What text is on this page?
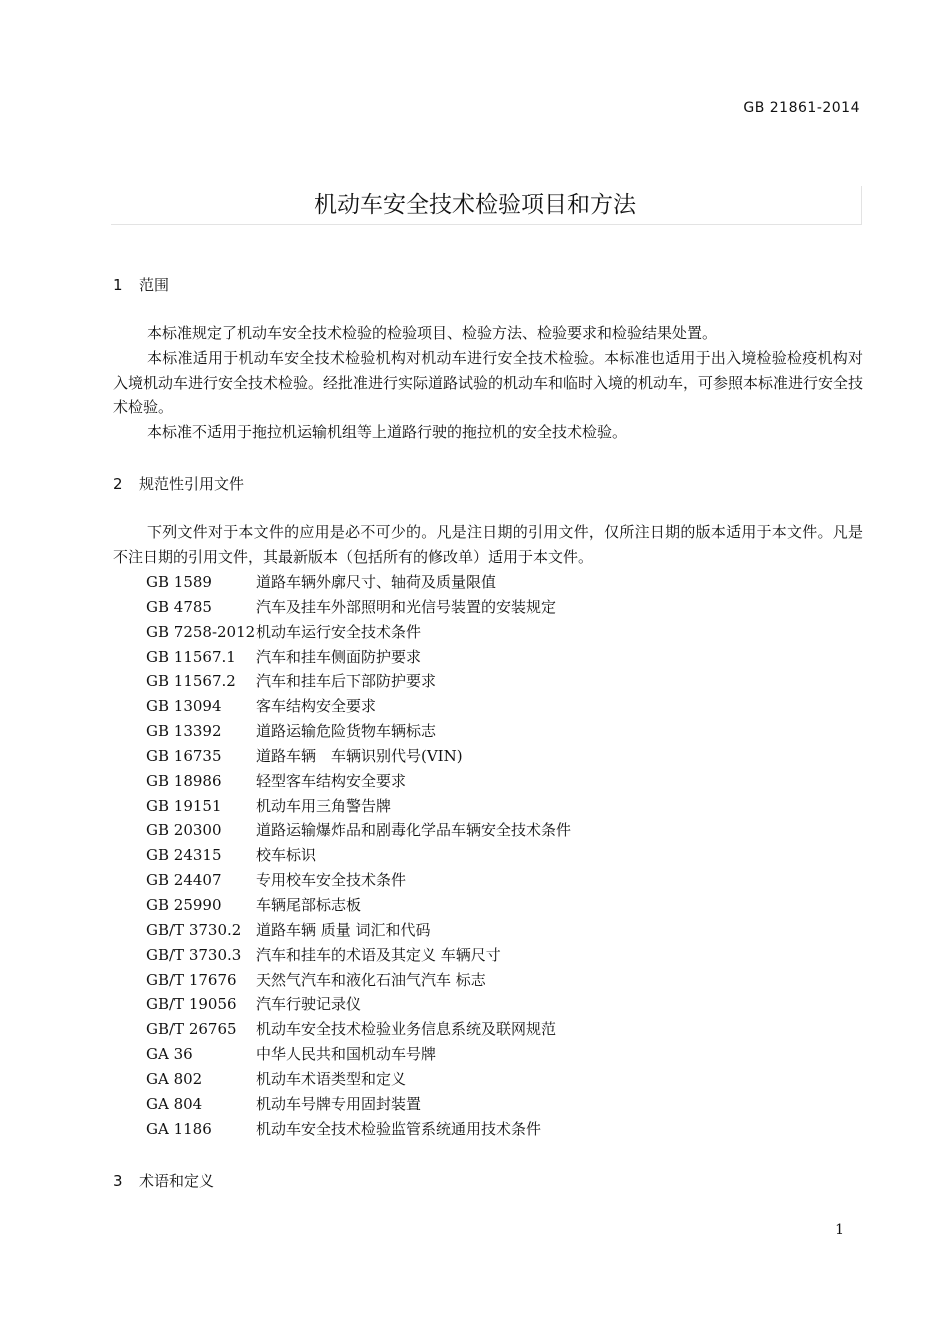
GB 21861-2014
机动车安全技术检验项目和方法
1 范围

本标准规定了机动车安全技术检验的检验项目、检验方法、检验要求和检验结果处置。

本标准适用于机动车安全技术检验机构对机动车进行安全技术检验。本标准也适用于出入境检验检疫机构对入境机动车进行安全技术检验。经批准进行实际道路试验的机动车和临时入境的机动车，可参照本标准进行安全技术检验。

本标准不适用于拖拉机运输机组等上道路行驶的拖拉机的安全技术检验。

2 规范性引用文件

下列文件对于本文件的应用是必不可少的。凡是注日期的引用文件，仅所注日期的版本适用于本文件。凡是不注日期的引用文件，其最新版本（包括所有的修改单）适用于本文件。

GB 1589	道路车辆外廓尺寸、轴荷及质量限值
GB 4785	汽车及挂车外部照明和光信号装置的安装规定
GB 7258-2012机动车运行安全技术条件
GB 11567.1 汽车和挂车侧面防护要求
GB 11567.2 汽车和挂车后下部防护要求
GB 13094 客车结构安全要求
GB 13392 道路运输危险货物车辆标志
GB 16735 道路车辆　车辆识别代号(VIN)
GB 18986 轻型客车结构安全要求
GB 19151 机动车用三角警告牌
GB 20300 道路运输爆炸品和剧毒化学品车辆安全技术条件
GB 24315 校车标识
GB 24407 专用校车安全技术条件
GB 25990 车辆尾部标志板
GB/T 3730.2 道路车辆 质量 词汇和代码
GB/T 3730.3 汽车和挂车的术语及其定义 车辆尺寸
GB/T 17676 天然气汽车和液化石油气汽车 标志
GB/T 19056 汽车行驶记录仪
GB/T 26765 机动车安全技术检验业务信息系统及联网规范
GA 36	中华人民共和国机动车号牌
GA 802	机动车术语类型和定义
GA 804	机动车号牌专用固封装置
GA 1186	机动车安全技术检验监管系统通用技术条件
3 术语和定义
1
